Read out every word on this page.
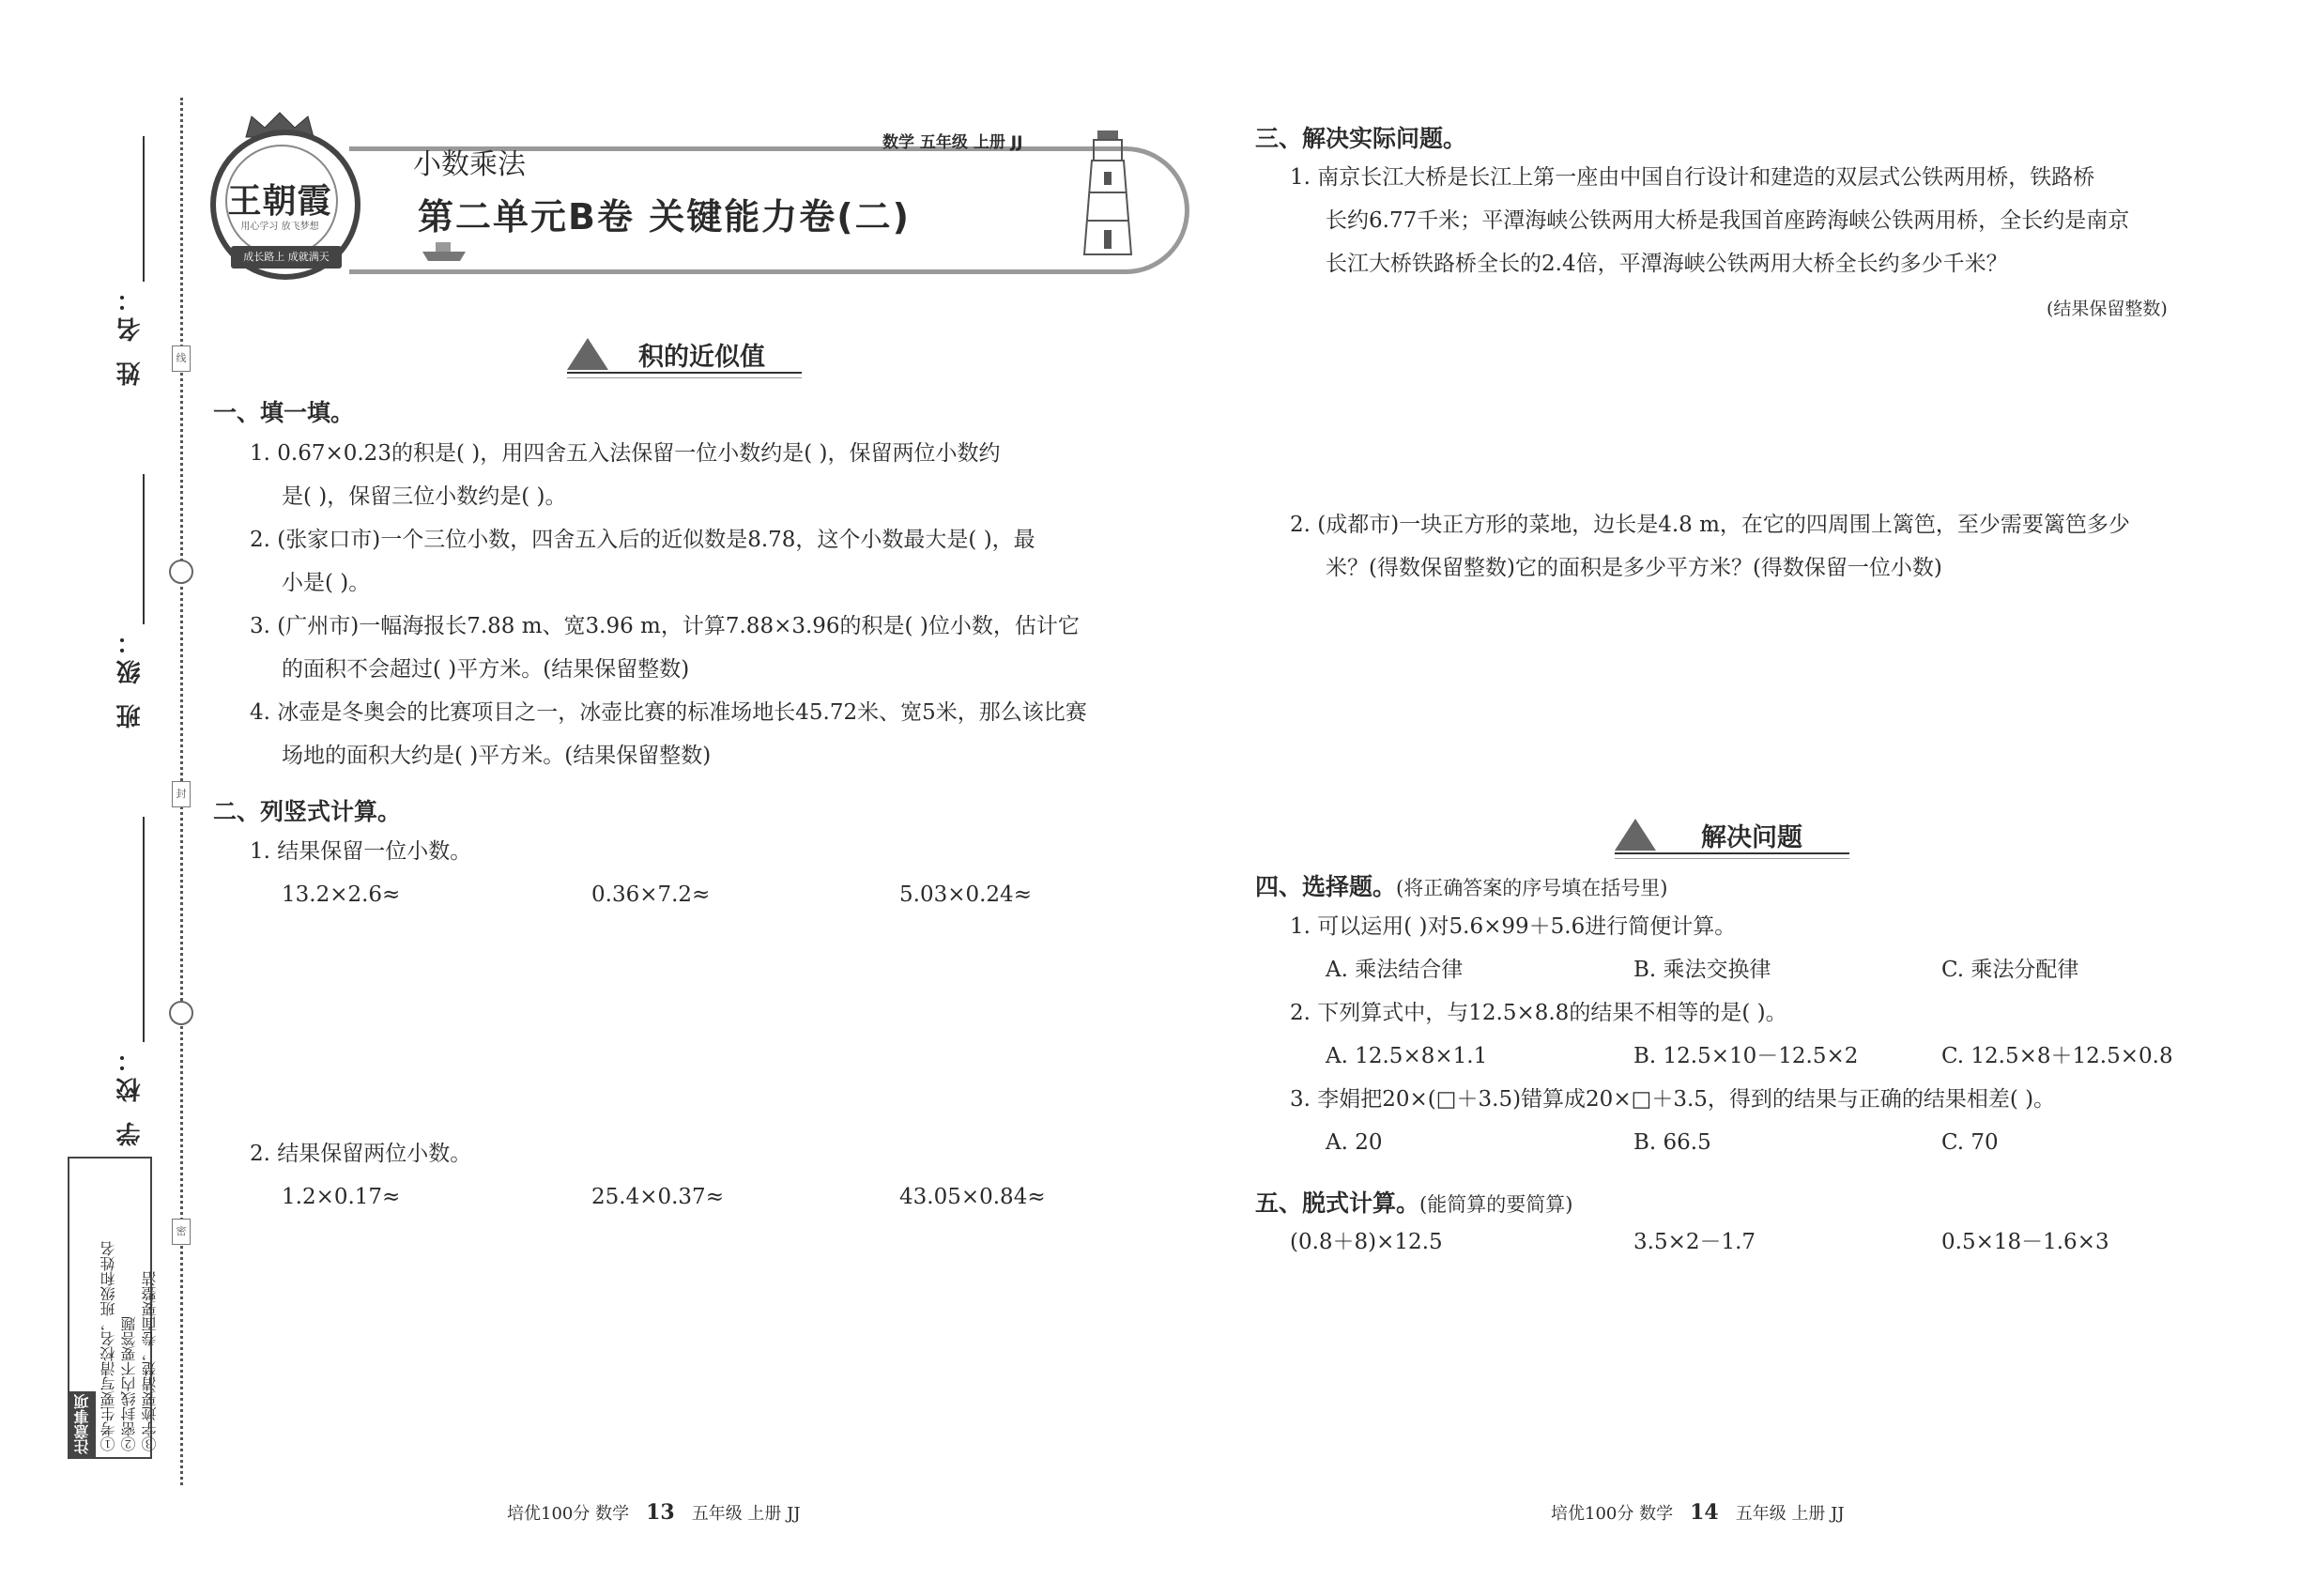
线
封
密
姓 名：
班 级：
学 校：
注意事项 ①考生要写清校名，班级和姓名 ②密封线内不要答题 ③字迹要清楚，卷面要整洁
王朝霞
用心学习 放飞梦想
成长路上 成就满天
小数乘法
数学 五年级 上册 JJ
第二单元B卷 关键能力卷(二)
积的近似值
一、填一填。
1. 0.67×0.23的积是( )，用四舍五入法保留一位小数约是( )，保留两位小数约
是( )，保留三位小数约是( )。
2. (张家口市)一个三位小数，四舍五入后的近似数是8.78，这个小数最大是( )，最
小是( )。
3. (广州市)一幅海报长7.88 m、宽3.96 m，计算7.88×3.96的积是( )位小数，估计它
的面积不会超过( )平方米。(结果保留整数)
4. 冰壶是冬奥会的比赛项目之一，冰壶比赛的标准场地长45.72米、宽5米，那么该比赛
场地的面积大约是( )平方米。(结果保留整数)
二、列竖式计算。
1. 结果保留一位小数。
13.2×2.6≈	0.36×7.2≈	5.03×0.24≈
2. 结果保留两位小数。
1.2×0.17≈	25.4×0.37≈	43.05×0.84≈
培优100分 数学 13 五年级 上册 JJ
三、解决实际问题。
1. 南京长江大桥是长江上第一座由中国自行设计和建造的双层式公铁两用桥，铁路桥
长约6.77千米；平潭海峡公铁两用大桥是我国首座跨海峡公铁两用桥，全长约是南京
长江大桥铁路桥全长的2.4倍，平潭海峡公铁两用大桥全长约多少千米？
(结果保留整数)
2. (成都市)一块正方形的菜地，边长是4.8 m，在它的四周围上篱笆，至少需要篱笆多少
米？(得数保留整数)它的面积是多少平方米？(得数保留一位小数)
解决问题
四、选择题。(将正确答案的序号填在括号里)
1. 可以运用( )对5.6×99＋5.6进行简便计算。
A. 乘法结合律	B. 乘法交换律	C. 乘法分配律
2. 下列算式中，与12.5×8.8的结果不相等的是( )。
A. 12.5×8×1.1	B. 12.5×10－12.5×2	C. 12.5×8＋12.5×0.8
3. 李娟把20×(□＋3.5)错算成20×□＋3.5，得到的结果与正确的结果相差( )。
A. 20	B. 66.5	C. 70
五、脱式计算。(能简算的要简算)
(0.8＋8)×12.5	3.5×2－1.7	0.5×18－1.6×3
培优100分 数学 14 五年级 上册 JJ
